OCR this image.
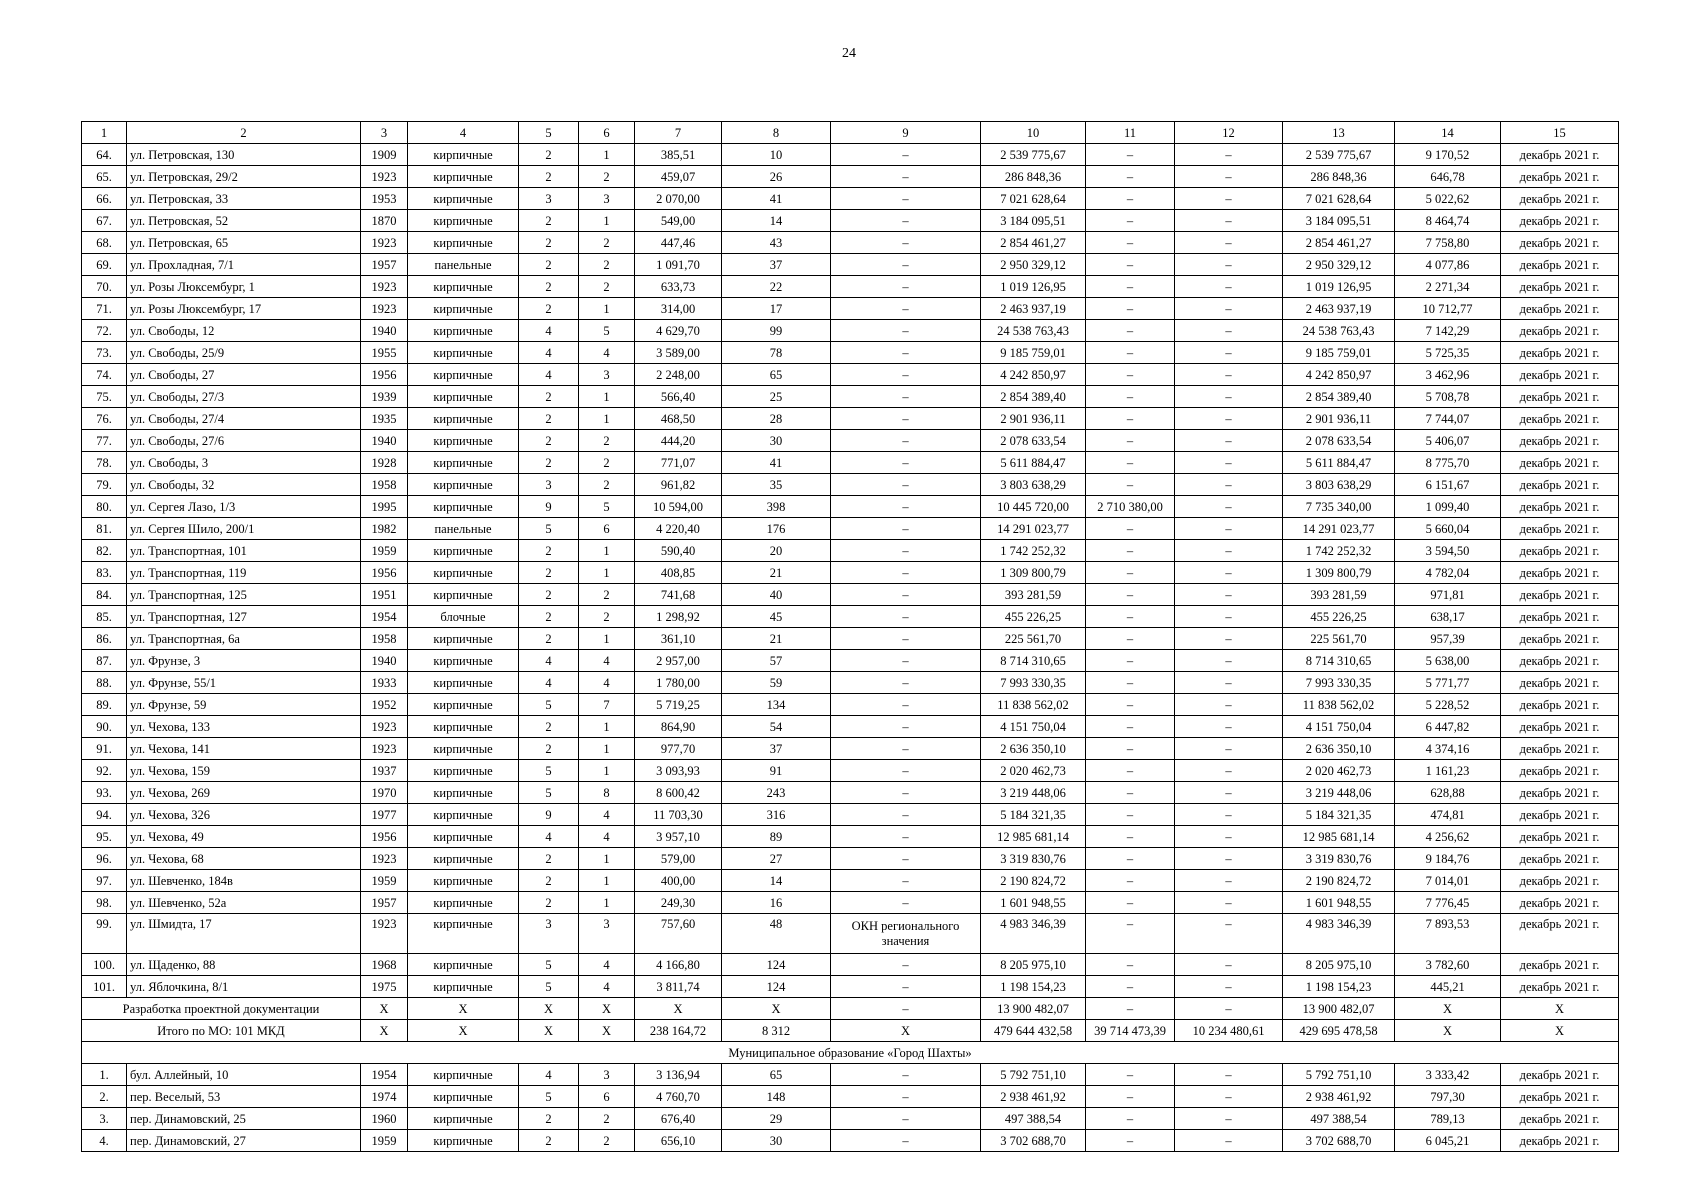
24
1	2	3	4	5	6	7	8	9	10	11	12	13	14	15
64.	ул. Петровская, 130	1909	кирпичные	2	1	385,51	10	–	2 539 775,67	–	–	2 539 775,67	9 170,52	декабрь 2021 г.
65.	ул. Петровская, 29/2	1923	кирпичные	2	2	459,07	26	–	286 848,36	–	–	286 848,36	646,78	декабрь 2021 г.
66.	ул. Петровская, 33	1953	кирпичные	3	3	2 070,00	41	–	7 021 628,64	–	–	7 021 628,64	5 022,62	декабрь 2021 г.
67.	ул. Петровская, 52	1870	кирпичные	2	1	549,00	14	–	3 184 095,51	–	–	3 184 095,51	8 464,74	декабрь 2021 г.
68.	ул. Петровская, 65	1923	кирпичные	2	2	447,46	43	–	2 854 461,27	–	–	2 854 461,27	7 758,80	декабрь 2021 г.
69.	ул. Прохладная, 7/1	1957	панельные	2	2	1 091,70	37	–	2 950 329,12	–	–	2 950 329,12	4 077,86	декабрь 2021 г.
70.	ул. Розы Люксембург, 1	1923	кирпичные	2	2	633,73	22	–	1 019 126,95	–	–	1 019 126,95	2 271,34	декабрь 2021 г.
71.	ул. Розы Люксембург, 17	1923	кирпичные	2	1	314,00	17	–	2 463 937,19	–	–	2 463 937,19	10 712,77	декабрь 2021 г.
72.	ул. Свободы, 12	1940	кирпичные	4	5	4 629,70	99	–	24 538 763,43	–	–	24 538 763,43	7 142,29	декабрь 2021 г.
73.	ул. Свободы, 25/9	1955	кирпичные	4	4	3 589,00	78	–	9 185 759,01	–	–	9 185 759,01	5 725,35	декабрь 2021 г.
74.	ул. Свободы, 27	1956	кирпичные	4	3	2 248,00	65	–	4 242 850,97	–	–	4 242 850,97	3 462,96	декабрь 2021 г.
75.	ул. Свободы, 27/3	1939	кирпичные	2	1	566,40	25	–	2 854 389,40	–	–	2 854 389,40	5 708,78	декабрь 2021 г.
76.	ул. Свободы, 27/4	1935	кирпичные	2	1	468,50	28	–	2 901 936,11	–	–	2 901 936,11	7 744,07	декабрь 2021 г.
77.	ул. Свободы, 27/6	1940	кирпичные	2	2	444,20	30	–	2 078 633,54	–	–	2 078 633,54	5 406,07	декабрь 2021 г.
78.	ул. Свободы, 3	1928	кирпичные	2	2	771,07	41	–	5 611 884,47	–	–	5 611 884,47	8 775,70	декабрь 2021 г.
79.	ул. Свободы, 32	1958	кирпичные	3	2	961,82	35	–	3 803 638,29	–	–	3 803 638,29	6 151,67	декабрь 2021 г.
80.	ул. Сергея Лазо, 1/3	1995	кирпичные	9	5	10 594,00	398	–	10 445 720,00	2 710 380,00	–	7 735 340,00	1 099,40	декабрь 2021 г.
81.	ул. Сергея Шило, 200/1	1982	панельные	5	6	4 220,40	176	–	14 291 023,77	–	–	14 291 023,77	5 660,04	декабрь 2021 г.
82.	ул. Транспортная, 101	1959	кирпичные	2	1	590,40	20	–	1 742 252,32	–	–	1 742 252,32	3 594,50	декабрь 2021 г.
83.	ул. Транспортная, 119	1956	кирпичные	2	1	408,85	21	–	1 309 800,79	–	–	1 309 800,79	4 782,04	декабрь 2021 г.
84.	ул. Транспортная, 125	1951	кирпичные	2	2	741,68	40	–	393 281,59	–	–	393 281,59	971,81	декабрь 2021 г.
85.	ул. Транспортная, 127	1954	блочные	2	2	1 298,92	45	–	455 226,25	–	–	455 226,25	638,17	декабрь 2021 г.
86.	ул. Транспортная, 6а	1958	кирпичные	2	1	361,10	21	–	225 561,70	–	–	225 561,70	957,39	декабрь 2021 г.
87.	ул. Фрунзе, 3	1940	кирпичные	4	4	2 957,00	57	–	8 714 310,65	–	–	8 714 310,65	5 638,00	декабрь 2021 г.
88.	ул. Фрунзе, 55/1	1933	кирпичные	4	4	1 780,00	59	–	7 993 330,35	–	–	7 993 330,35	5 771,77	декабрь 2021 г.
89.	ул. Фрунзе, 59	1952	кирпичные	5	7	5 719,25	134	–	11 838 562,02	–	–	11 838 562,02	5 228,52	декабрь 2021 г.
90.	ул. Чехова, 133	1923	кирпичные	2	1	864,90	54	–	4 151 750,04	–	–	4 151 750,04	6 447,82	декабрь 2021 г.
91.	ул. Чехова, 141	1923	кирпичные	2	1	977,70	37	–	2 636 350,10	–	–	2 636 350,10	4 374,16	декабрь 2021 г.
92.	ул. Чехова, 159	1937	кирпичные	5	1	3 093,93	91	–	2 020 462,73	–	–	2 020 462,73	1 161,23	декабрь 2021 г.
93.	ул. Чехова, 269	1970	кирпичные	5	8	8 600,42	243	–	3 219 448,06	–	–	3 219 448,06	628,88	декабрь 2021 г.
94.	ул. Чехова, 326	1977	кирпичные	9	4	11 703,30	316	–	5 184 321,35	–	–	5 184 321,35	474,81	декабрь 2021 г.
95.	ул. Чехова, 49	1956	кирпичные	4	4	3 957,10	89	–	12 985 681,14	–	–	12 985 681,14	4 256,62	декабрь 2021 г.
96.	ул. Чехова, 68	1923	кирпичные	2	1	579,00	27	–	3 319 830,76	–	–	3 319 830,76	9 184,76	декабрь 2021 г.
97.	ул. Шевченко, 184в	1959	кирпичные	2	1	400,00	14	–	2 190 824,72	–	–	2 190 824,72	7 014,01	декабрь 2021 г.
98.	ул. Шевченко, 52а	1957	кирпичные	2	1	249,30	16	–	1 601 948,55	–	–	1 601 948,55	7 776,45	декабрь 2021 г.
99.	ул. Шмидта, 17	1923	кирпичные	3	3	757,60	48	ОКН регионального значения	4 983 346,39	–	–	4 983 346,39	7 893,53	декабрь 2021 г.
100.	ул. Щаденко, 88	1968	кирпичные	5	4	4 166,80	124	–	8 205 975,10	–	–	8 205 975,10	3 782,60	декабрь 2021 г.
101.	ул. Яблочкина, 8/1	1975	кирпичные	5	4	3 811,74	124	–	1 198 154,23	–	–	1 198 154,23	445,21	декабрь 2021 г.
Разработка проектной документации		X	X	X	X	X	X	–	13 900 482,07	–	–	13 900 482,07	X	X
Итого по МО: 101 МКД		X	X	X	X	238 164,72	8 312	X	479 644 432,58	39 714 473,39	10 234 480,61	429 695 478,58	X	X
Муниципальное образование «Город Шахты»														
1.	бул. Аллейный, 10	1954	кирпичные	4	3	3 136,94	65	–	5 792 751,10	–	–	5 792 751,10	3 333,42	декабрь 2021 г.
2.	пер. Веселый, 53	1974	кирпичные	5	6	4 760,70	148	–	2 938 461,92	–	–	2 938 461,92	797,30	декабрь 2021 г.
3.	пер. Динамовский, 25	1960	кирпичные	2	2	676,40	29	–	497 388,54	–	–	497 388,54	789,13	декабрь 2021 г.
4.	пер. Динамовский, 27	1959	кирпичные	2	2	656,10	30	–	3 702 688,70	–	–	3 702 688,70	6 045,21	декабрь 2021 г.
